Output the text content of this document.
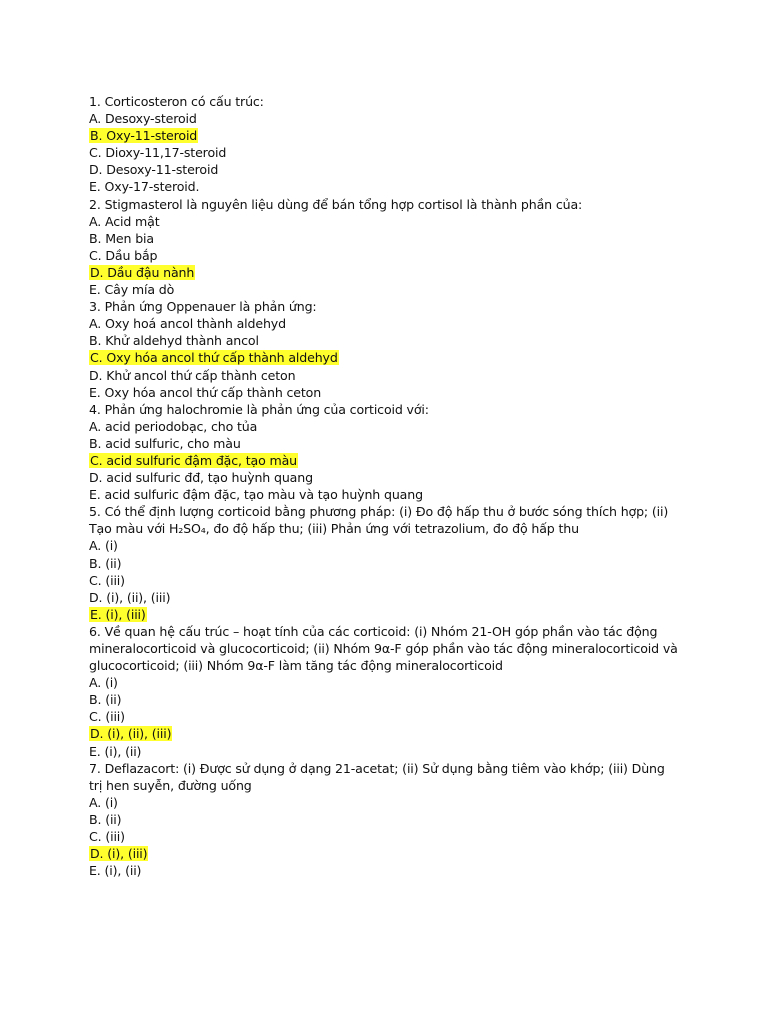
1. Corticosteron có cấu trúc:
A. Desoxy-steroid
B. Oxy-11-steroid
C. Dioxy-11,17-steroid
D. Desoxy-11-steroid
E. Oxy-17-steroid.
2. Stigmasterol là nguyên liệu dùng để bán tổng hợp cortisol là thành phần của:
A. Acid mật
B. Men bia
C. Dầu bắp
D. Dầu đậu nành
E. Cây mía dò
3. Phản ứng Oppenauer là phản ứng:
A. Oxy hoá ancol thành aldehyd
B. Khử aldehyd thành ancol
C. Oxy hóa ancol thứ cấp thành aldehyd
D. Khử ancol thứ cấp thành ceton
E. Oxy hóa ancol thứ cấp thành ceton
4. Phản ứng halochromie là phản ứng của corticoid với:
A. acid periodobạc, cho tủa
B. acid sulfuric, cho màu
C. acid sulfuric đậm đặc, tạo màu
D. acid sulfuric đđ, tạo huỳnh quang
E. acid sulfuric đậm đặc, tạo màu và tạo huỳnh quang
5. Có thể định lượng corticoid bằng phương pháp: (i) Đo độ hấp thu ở bước sóng thích hợp; (ii)
Tạo màu với H₂SO₄, đo độ hấp thu; (iii) Phản ứng với tetrazolium, đo độ hấp thu
A. (i)
B. (ii)
C. (iii)
D. (i), (ii), (iii)
E. (i), (iii)
6. Về quan hệ cấu trúc – hoạt tính của các corticoid: (i) Nhóm 21-OH góp phần vào tác động
mineralocorticoid và glucocorticoid; (ii) Nhóm 9α-F góp phần vào tác động mineralocorticoid và
glucocorticoid; (iii) Nhóm 9α-F làm tăng tác động mineralocorticoid
A. (i)
B. (ii)
C. (iii)
D. (i), (ii), (iii)
E. (i), (ii)
7. Deflazacort: (i) Được sử dụng ở dạng 21-acetat; (ii) Sử dụng bằng tiêm vào khớp; (iii) Dùng
trị hen suyễn, đường uống
A. (i)
B. (ii)
C. (iii)
D. (i), (iii)
E. (i), (ii)
